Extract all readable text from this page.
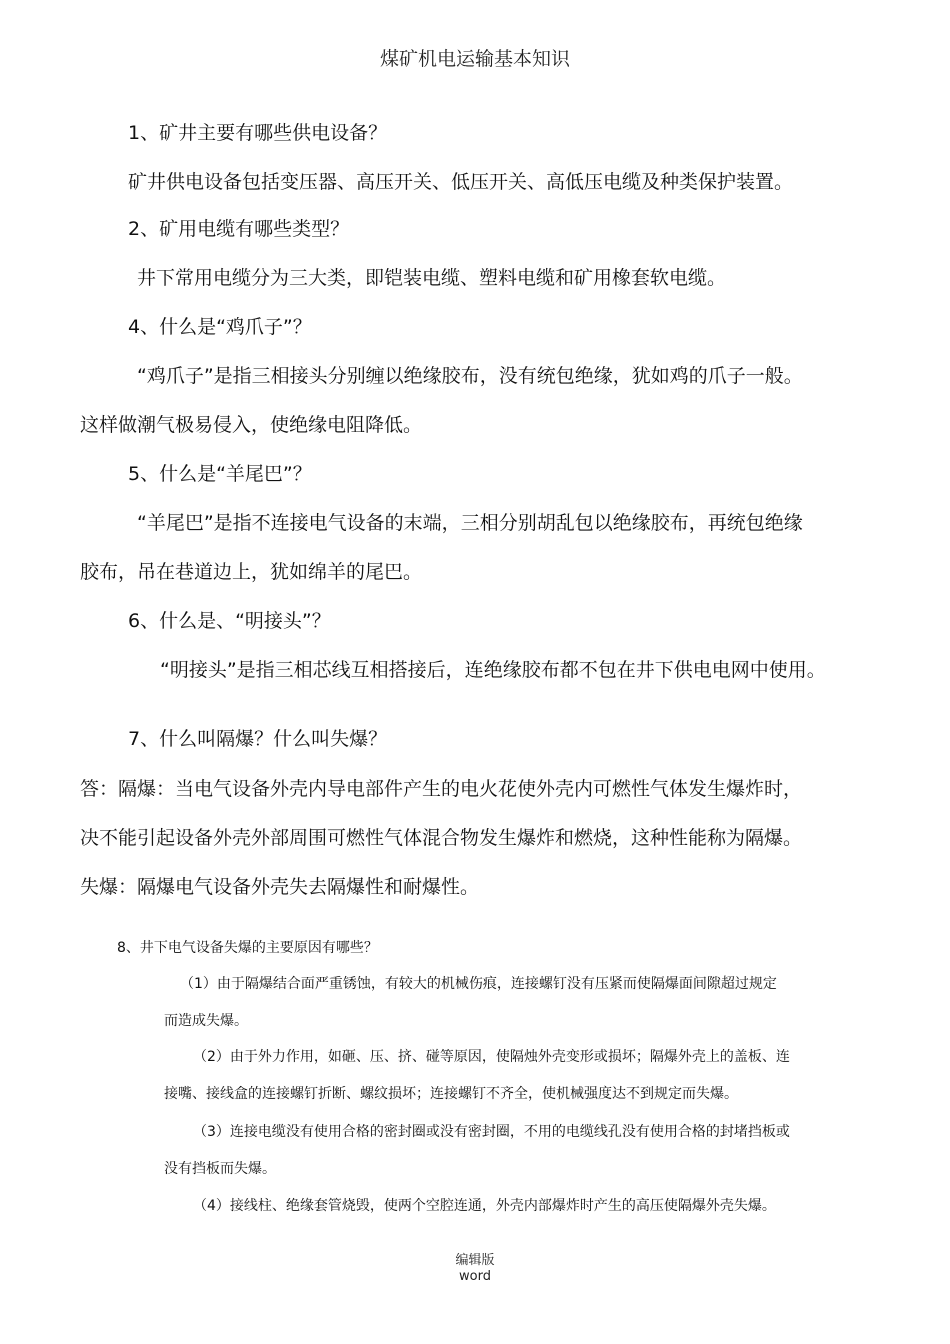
煤矿机电运输基本知识
1、矿井主要有哪些供电设备？
矿井供电设备包括变压器、高压开关、低压开关、高低压电缆及种类保护装置。
2、矿用电缆有哪些类型？
井下常用电缆分为三大类，即铠装电缆、塑料电缆和矿用橡套软电缆。
4、什么是“鸡爪子”？
“鸡爪子”是指三相接头分别缠以绝缘胶布，没有统包绝缘，犹如鸡的爪子一般。
这样做潮气极易侵入，使绝缘电阻降低。
5、什么是“羊尾巴”？
“羊尾巴”是指不连接电气设备的末端，三相分别胡乱包以绝缘胶布，再统包绝缘
胶布，吊在巷道边上，犹如绵羊的尾巴。
6、什么是、“明接头”？
“明接头”是指三相芯线互相搭接后，连绝缘胶布都不包在井下供电电网中使用。
7、什么叫隔爆？什么叫失爆？
答：隔爆：当电气设备外壳内导电部件产生的电火花使外壳内可燃性气体发生爆炸时，
决不能引起设备外壳外部周围可燃性气体混合物发生爆炸和燃烧，这种性能称为隔爆。
失爆：隔爆电气设备外壳失去隔爆性和耐爆性。
8、井下电气设备失爆的主要原因有哪些？
（1）由于隔爆结合面严重锈蚀，有较大的机械伤痕，连接螺钉没有压紧而使隔爆面间隙超过规定
而造成失爆。
（2）由于外力作用，如砸、压、挤、碰等原因，使隔烛外壳变形或损坏；隔爆外壳上的盖板、连
接嘴、接线盒的连接螺钉折断、螺纹损坏；连接螺钉不齐全，使机械强度达不到规定而失爆。
（3）连接电缆没有使用合格的密封圈或没有密封圈，不用的电缆线孔没有使用合格的封堵挡板或
没有挡板而失爆。
（4）接线柱、绝缘套管烧毁，使两个空腔连通，外壳内部爆炸时产生的高压使隔爆外壳失爆。
编辑版
word
